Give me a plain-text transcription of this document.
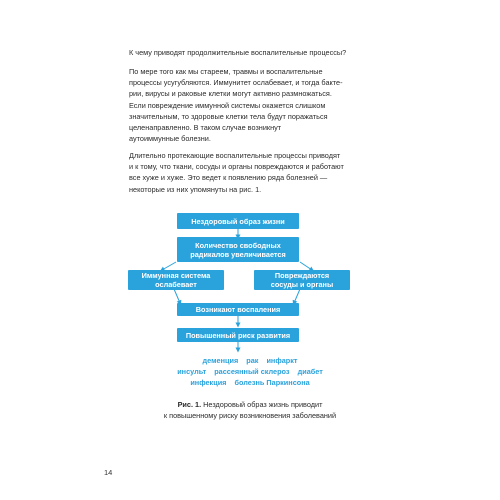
К чему приводят продолжительные воспалительные процессы?

По мере того как мы стареем, травмы и воспалительные
процессы усугубляются. Иммунитет ослабевает, и тогда бакте-
рии, вирусы и раковые клетки могут активно размножаться.
Если повреждение иммунной системы окажется слишком
значительным, то здоровые клетки тела будут поражаться
целенаправленно. В таком случае возникнут
аутоиммунные болезни.

Длительно протекающие воспалительные процессы приводят
и к тому, что ткани, сосуды и органы повреждаются и работают
все хуже и хуже. Это ведет к появлению ряда болезней —
некоторые из них упомянуты на рис. 1.

Нездоровый образ жизни
Количество свободных
радикалов увеличивается
Иммунная система
ослабевает
Повреждаются
сосуды и органы
Возникают воспаления
Повышенный риск развития
деменция рак инфаркт
инсульт рассеянный склероз диабет
инфекция болезнь Паркинсона
Рис. 1. Нездоровый образ жизнь приводит
к повышенному риску возникновения заболеваний
14
